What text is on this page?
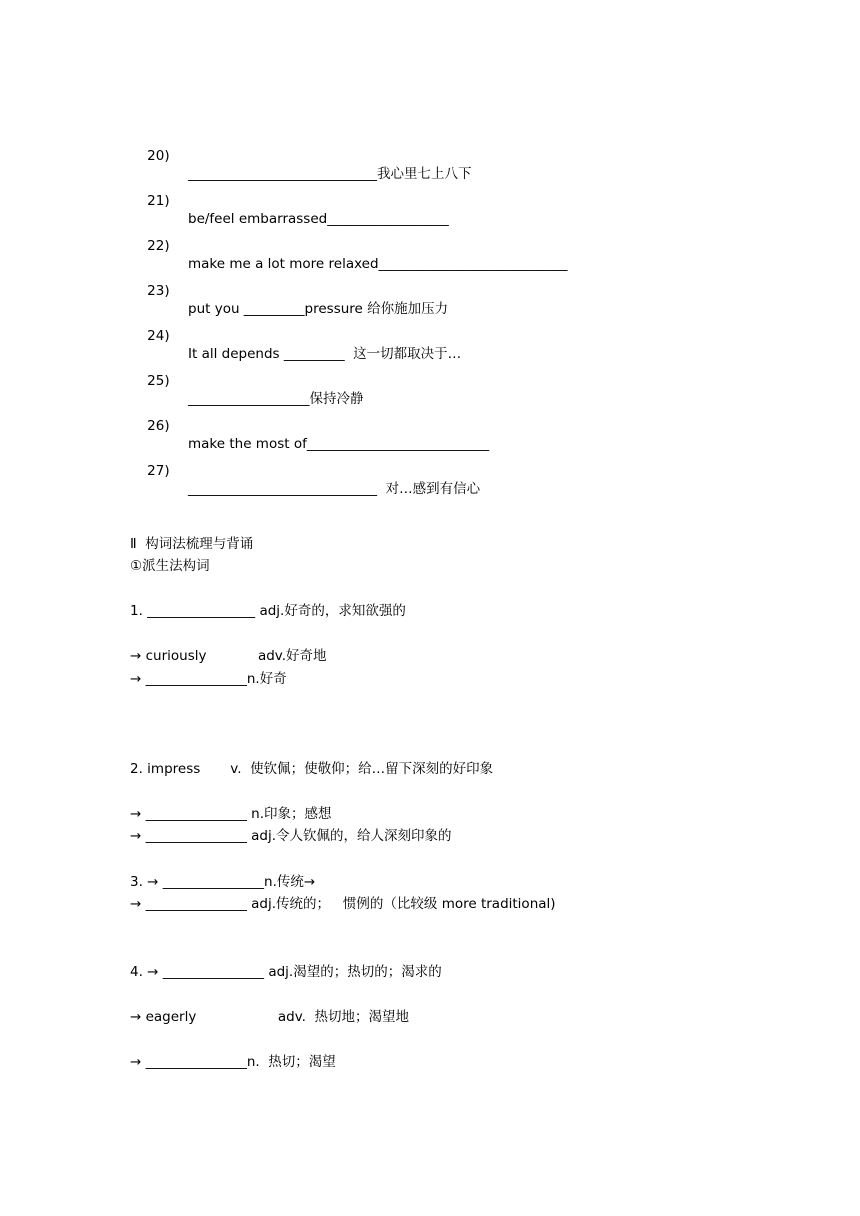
20)

____________________________我心里七上八下

21)

be/feel embarrassed__________________

22)

make me a lot more relaxed____________________________

23)

put you _________pressure 给你施加压力

24)

It all depends _________  这一切都取决于…

25)

__________________保持冷静

26)

make the most of___________________________

27)

____________________________  对…感到有信心

Ⅱ  构词法梳理与背诵
①派生法构词
1. ________________ adj.好奇的，求知欲强的
→ curiously            adv.好奇地
→ _______________n.好奇
2. impress       v.  使钦佩；使敬仰；给…留下深刻的好印象
→ _______________ n.印象；感想
→ _______________ adj.令人钦佩的，给人深刻印象的
3. → _______________n.传统→
→ _______________ adj.传统的；   惯例的（比较级 more traditional)
4. → _______________ adj.渴望的；热切的；渴求的
→ eagerly                   adv.  热切地；渴望地
→ _______________n.  热切；渴望
